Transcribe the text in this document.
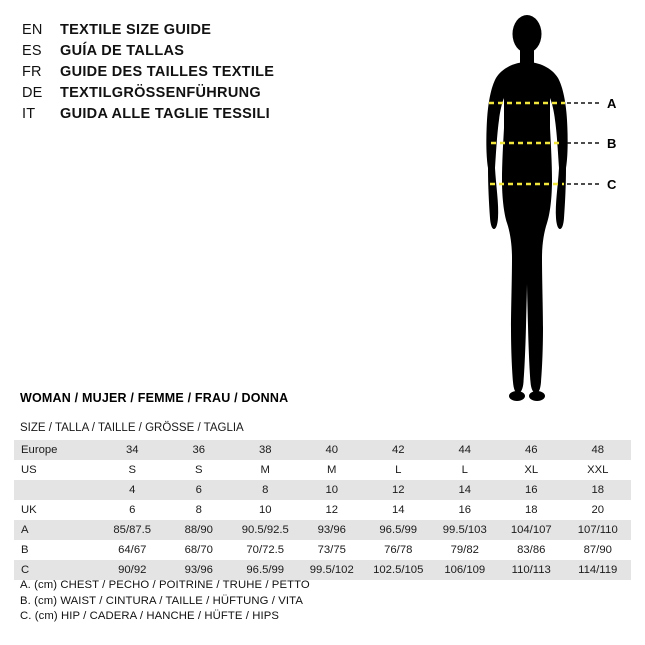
EN	TEXTILE SIZE GUIDE
ES	GUÍA DE TALLAS
FR	GUIDE DES TAILLES TEXTILE
DE	TEXTILGRÖSSENFÜHRUNG
IT	GUIDA ALLE TAGLIE TESSILI
A
B
C
WOMAN / MUJER / FEMME / FRAU / DONNA
SIZE / TALLA / TAILLE / GRÖSSE / TAGLIA
Europe	34	36	38	40	42	44	46	48
US	S	S	M	M	L	L	XL	XXL
	4	6	8	10	12	14	16	18
UK	6	8	10	12	14	16	18	20
A	85/87.5	88/90	90.5/92.5	93/96	96.5/99	99.5/103	104/107	107/110
B	64/67	68/70	70/72.5	73/75	76/78	79/82	83/86	87/90
C	90/92	93/96	96.5/99	99.5/102	102.5/105	106/109	110/113	114/119
A. (cm) CHEST / PECHO / POITRINE / TRUHE / PETTO
B. (cm) WAIST / CINTURA / TAILLE / HÜFTUNG / VITA
C. (cm) HIP / CADERA / HANCHE / HÜFTE / HIPS
